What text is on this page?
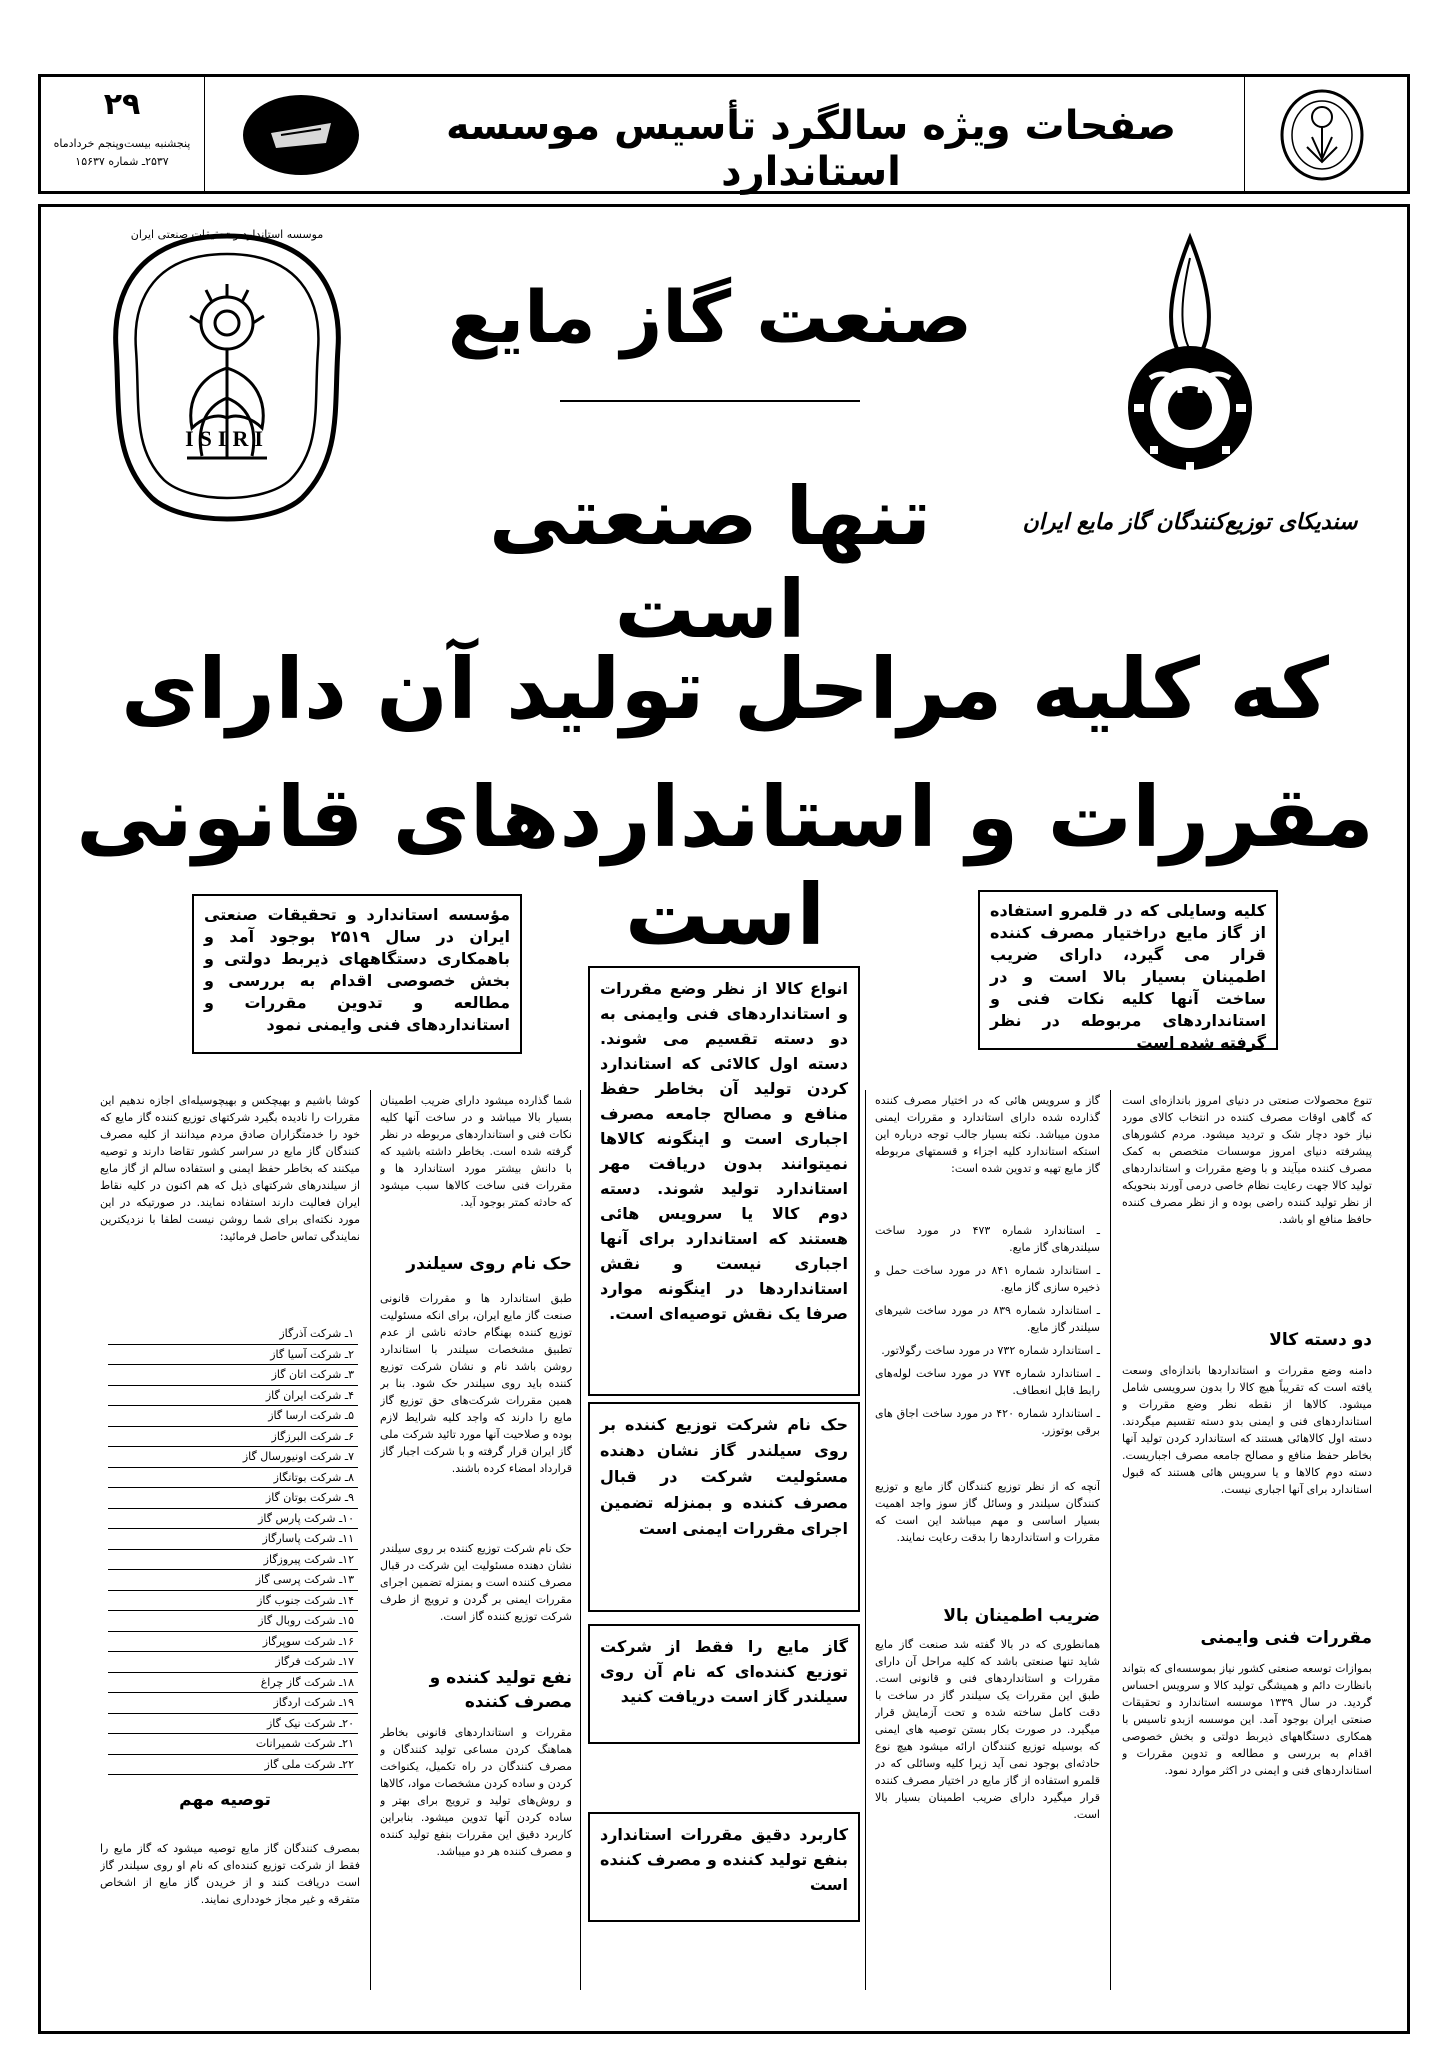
۲۹
پنجشنبه بیست‌وپنجم خرداد‌ماه
۲۵۳۷ـ شماره ۱۵۶۳۷
صفحات ویژه سالگرد تأسیس موسسه استاندارد
ISIRI
موسسه استاندارد و تحقیقات صنعتی ایران
سندیکای توزیع‌کنندگان گاز مایع ایران
صنعت گاز مایع
تنها صنعتی است
که کلیه مراحل تولید آن دارای
مقررات و استانداردهای قانونی است
مؤسسه استاندارد و تحقیقات صنعتی ایران در سال ۲۵۱۹ بوجود آمد و باهمکاری دستگاههای ذیربط دولتی و بخش خصوصی اقدام به بررسی و مطالعه و تدوین مقررات و استانداردهای فنی وایمنی نمود
کلیه وسایلی که در قلمرو استفاده از گاز مایع دراختیار مصرف کننده قرار می گیرد، دارای ضریب اطمینان بسیار بالا است و در ساخت آنها کلیه نکات فنی و استانداردهای مربوطه در نظر گرفته شده است
انواع کالا از نظر وضع مقررات و استانداردهای فنی وایمنی به دو دسته تقسیم می شوند. دسته اول کالائی که استاندارد کردن تولید آن بخاطر حفظ منافع و مصالح جامعه مصرف اجباری است و اینگونه کالاها نمیتوانند بدون دریافت مهر استاندارد تولید شوند. دسته دوم کالا یا سرویس هائی هستند که استاندارد برای آنها اجباری نیست و نقش استانداردها در اینگونه موارد صرفا یک نقش توصیه‌ای است.
حک نام شرکت توزیع کننده بر روی سیلندر گاز نشان دهنده مسئولیت شرکت در قبال مصرف کننده و بمنزله تضمین اجرای مقررات ایمنی است
گاز مایع را فقط از شرکت توزیع کننده‌ای که نام آن روی سیلندر گاز است دریافت کنید
کاربرد دقیق مقررات استاندارد بنفع تولید کننده و مصرف کننده است
تنوع محصولات صنعتی در دنیای امروز باندازه‌ای است که گاهی اوقات مصرف کننده در انتخاب کالای مورد نیاز خود دچار شک و تردید میشود. مردم کشورهای پیشرفته دنیای امروز موسسات متخصص به کمک مصرف کننده میآیند و با وضع مقررات و استانداردهای تولید کالا جهت رعایت نظام خاصی درمی آورند بنحویکه از نظر تولید کننده راضی بوده و از نظر مصرف کننده حافظ منافع او باشد.
دو دسته کالا
دامنه وضع مقررات و استانداردها باندازه‌ای وسعت یافته است که تقریباً هیچ کالا را بدون سرویسی شامل میشود. کالاها از نقطه نظر وضع مقررات و استانداردهای فنی و ایمنی بدو دسته تقسیم میگردند. دسته اول کالاهائی هستند که استاندارد کردن تولید آنها بخاطر حفظ منافع و مصالح جامعه مصرف اجباریست. دسته دوم کالاها و یا سرویس هائی هستند که قبول استاندارد برای آنها اجباری نیست.
مقررات فنی وایمنی
بموازات توسعه صنعتی کشور نیاز بموسسه‌ای که بتواند بانظارت دائم و همیشگی تولید کالا و سرویس احساس گردید. در سال ۱۳۳۹ موسسه استاندارد و تحقیقات صنعتی ایران بوجود آمد. این موسسه ازبدو تاسیس با همکاری دستگاههای ذیربط دولتی و بخش خصوصی اقدام به بررسی و مطالعه و تدوین مقررات و استانداردهای فنی و ایمنی در اکثر موارد نمود.
گاز و سرویس هائی که در اختیار مصرف کننده گذارده شده دارای استاندارد و مقررات ایمنی مدون میباشد. نکته بسیار جالب توجه درباره این استکه استاندارد کلیه اجزاء و قسمتهای مربوطه گاز مایع تهیه و تدوین شده است:
ـ استاندارد شماره ۴۷۳ در مورد ساخت سیلندرهای گاز مایع.
ـ استاندارد شماره ۸۴۱ در مورد ساخت حمل و ذخیره سازی گاز مایع.
ـ استاندارد شماره ۸۳۹ در مورد ساخت شیرهای سیلندر گاز مایع.
ـ استاندارد شماره ۷۳۲ در مورد ساخت رگولاتور.
ـ استاندارد شماره ۷۷۴ در مورد ساخت لوله‌های رابط قابل انعطاف.
ـ استاندارد شماره ۴۲۰ در مورد ساخت اجاق های برقی بوتوزر.
آنچه که از نظر توزیع کنندگان گاز مایع و توزیع کنندگان سیلندر و وسائل گاز سوز واجد اهمیت بسیار اساسی و مهم میباشد این است که مقررات و استانداردها را بدقت رعایت نمایند.
ضریب اطمینان بالا
همانطوری که در بالا گفته شد صنعت گاز مایع شاید تنها صنعتی باشد که کلیه مراحل آن دارای مقررات و استانداردهای فنی و قانونی است. طبق این مقررات یک سیلندر گاز در ساخت با دقت کامل ساخته شده و تحت آزمایش قرار میگیرد. در صورت بکار بستن توصیه های ایمنی که بوسیله توزیع کنندگان ارائه میشود هیچ نوع حادثه‌ای بوجود نمی آید زیرا کلیه وسائلی که در قلمرو استفاده از گاز مایع در اختیار مصرف کننده قرار میگیرد دارای ضریب اطمینان بسیار بالا است.
شما گذارده میشود دارای ضریب اطمینان بسیار بالا میباشد و در ساخت آنها کلیه نکات فنی و استانداردهای مربوطه در نظر گرفته شده است. بخاطر داشته باشید که با دانش بیشتر مورد استاندارد ها و مقررات فنی ساخت کالاها سبب میشود که حادثه کمتر بوجود آید.
حک نام روی سیلندر
طبق استاندارد ها و مقررات قانونی صنعت گاز مایع ایران، برای انکه مسئولیت توزیع کننده بهنگام حادثه ناشی از عدم تطبیق مشخصات سیلندر با استاندارد روشن باشد نام و نشان شرکت توزیع کننده باید روی سیلندر حک شود. بنا بر همین مقررات شرکت‌های حق توزیع گاز مایع را دارند که واجد کلیه شرایط لازم بوده و صلاحیت آنها مورد تائید شرکت ملی گاز ایران قرار گرفته و با شرکت اجبار گاز قرارداد امضاء کرده باشند.
حک نام شرکت توزیع کننده بر روی سیلندر نشان دهنده مسئولیت این شرکت در قبال مصرف کننده است و بمنزله تضمین اجرای مقررات ایمنی بر گردن و ترویج از طرف شرکت توزیع کننده گاز است.
نفع تولید کننده و مصرف کننده
مقررات و استانداردهای قانونی بخاطر هماهنگ کردن مساعی تولید کنندگان و مصرف کنندگان در راه تکمیل، یکنواخت کردن و ساده کردن مشخصات مواد، کالاها و روش‌های تولید و ترویج برای بهتر و ساده کردن آنها تدوین میشود. بنابراین کاربرد دقیق این مقررات بنفع تولید کننده و مصرف کننده هر دو میباشد.
کوشا باشیم و بهیچکس و بهیچوسیله‌ای اجازه ندهیم این مقررات را نادیده بگیرد شرکتهای توزیع کننده گاز مایع که خود را خدمتگزاران صادق مردم میدانند از کلیه مصرف کنندگان گاز مایع در سراسر کشور تقاضا دارند و توصیه میکنند که بخاطر حفظ ایمنی و استفاده سالم از گاز مایع از سیلندرهای شرکتهای ذیل که هم اکنون در کلیه نقاط ایران فعالیت دارند استفاده نمایند. در صورتیکه در این مورد نکته‌ای برای شما روشن نیست لطفا با نزدیکترین نمایندگی تماس حاصل فرمائید:
۱ـ شرکت آذرگاز
۲ـ شرکت آسیا گاز
۳ـ شرکت اتان گاز
۴ـ شرکت ایران گاز
۵ـ شرکت ارسا گاز
۶ـ شرکت البرزگاز
۷ـ شرکت اونیورسال گاز
۸ـ شرکت بوتانگاز
۹ـ شرکت بوتان گاز
۱۰ـ شرکت پارس گاز
۱۱ـ شرکت پاسارگاز
۱۲ـ شرکت پیروزگاز
۱۳ـ شرکت پرسی گاز
۱۴ـ شرکت جنوب گاز
۱۵ـ شرکت روبال گاز
۱۶ـ شرکت سوپرگاز
۱۷ـ شرکت فرگاز
۱۸ـ شرکت گاز چراغ
۱۹ـ شرکت اردگاز
۲۰ـ شرکت نیک گاز
۲۱ـ شرکت شمیرانات
۲۲ـ شرکت ملی گاز
توصیه مهم
بمصرف کنندگان گاز مایع توصیه میشود که گاز مایع را فقط از شرکت توزیع کننده‌ای که نام او روی سیلندر گاز است دریافت کنند و از خریدن گاز مایع از اشخاص متفرقه و غیر مجاز خودداری نمایند.
